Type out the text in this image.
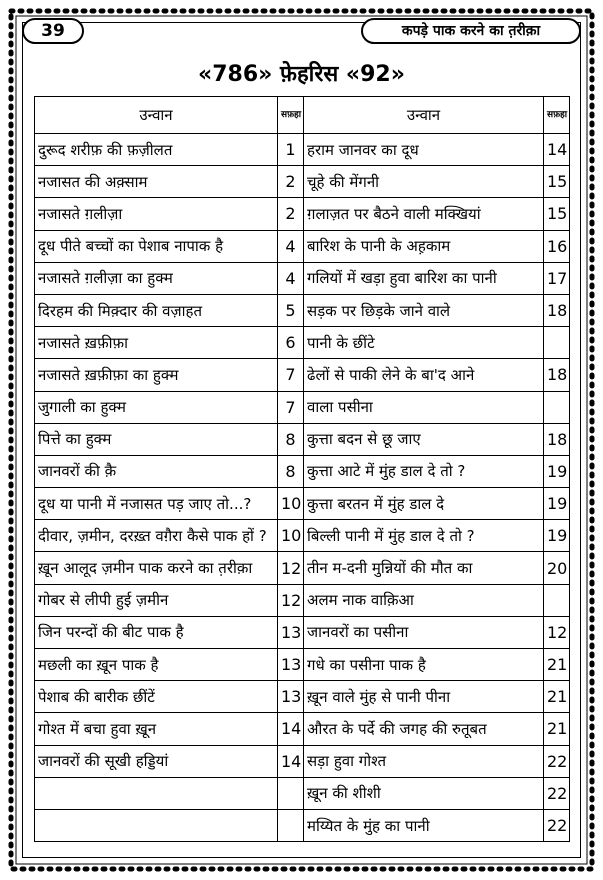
39	कपड़े पाक करने का त़रीक़ा
«786» फ़ेहरिस «92»
उन्वान	सफ़हा	उन्वान	सफ़हा
दुरूद शरीफ़ की फ़ज़ीलत	1	हराम जानवर का दूध	14
नजासत की अक़्साम	2	चूहे की मेंगनी	15
नजासते ग़लीज़ा	2	ग़लाज़त पर बैठने वाली मक्खियां	15
दूध पीते बच्चों का पेशाब नापाक है	4	बारिश के पानी के अह़काम	16
नजासते ग़लीज़ा का हुक्म	4	गलियों में खड़ा हुवा बारिश का पानी	17
दिरहम की मिक़्दार की वज़ाहत	5	सड़क पर छिड़के जाने वाले	18
नजासते ख़फ़ीफ़ा	6	पानी के छींटे	
नजासते ख़फ़ीफ़ा का हुक्म	7	ढेलों से पाकी लेने के बा'द आने	18
जुगाली का हुक्म	7	वाला पसीना	
पित्ते का हुक्म	8	कुत्ता बदन से छू जाए	18
जानवरों की क़ै	8	कुत्ता आटे में मुंह डाल दे तो ?	19
दूध या पानी में नजासत पड़ जाए तो...?	10	कुत्ता बरतन में मुंह डाल दे	19
दीवार, ज़मीन, दरख़्त वग़ैरा कैसे पाक हों ?	10	बिल्ली पानी में मुंह डाल दे तो ?	19
ख़ून आलूद ज़मीन पाक करने का त़रीक़ा	12	तीन म-दनी मुन्नियों की मौत का	20
गोबर से लीपी हुई ज़मीन	12	अलम नाक वाक़िआ	
जिन परन्दों की बीट पाक है	13	जानवरों का पसीना	12
मछली का ख़ून पाक है	13	गधे का पसीना पाक है	21
पेशाब की बारीक छींटें	13	ख़ून वाले मुंह से पानी पीना	21
गोश्त में बचा हुवा ख़ून	14	औरत के पर्दे की जगह की रुतूबत	21
जानवरों की सूखी हड्डियां	14	सड़ा हुवा गोश्त	22
		ख़ून की शीशी	22
		मय्यित के मुंह का पानी	22
